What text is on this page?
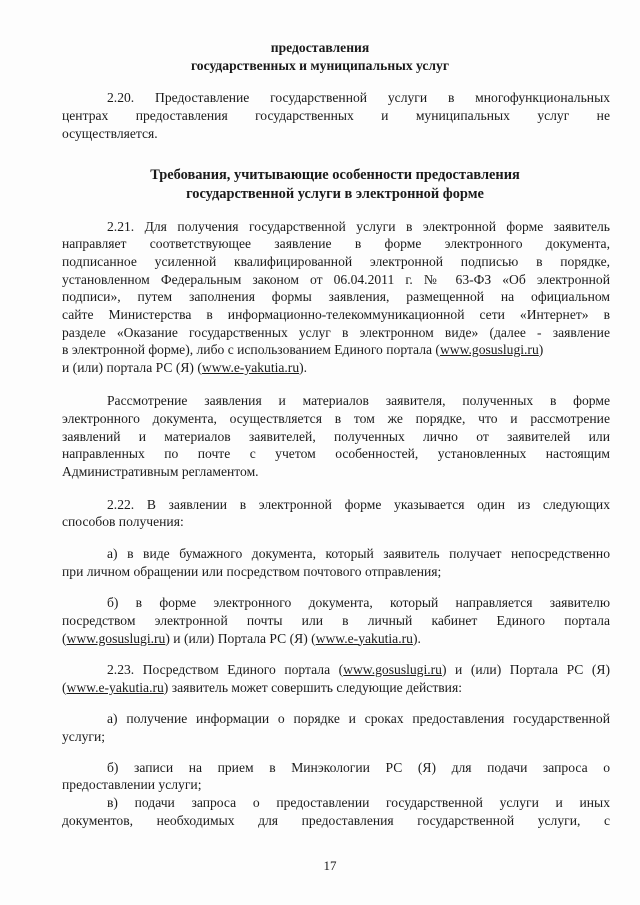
предоставления
государственных и муниципальных услуг
2.20. Предоставление государственной услуги в многофункциональных
центрах предоставления государственных и муниципальных услуг не
осуществляется.
Требования, учитывающие особенности предоставления
государственной услуги в электронной форме
2.21. Для получения государственной услуги в электронной форме заявитель
направляет соответствующее заявление в форме электронного документа,
подписанное усиленной квалифицированной электронной подписью в порядке,
установленном Федеральным законом от 06.04.2011 г. № 63-ФЗ «Об электронной
подписи», путем заполнения формы заявления, размещенной на официальном
сайте Министерства в информационно-телекоммуникационной сети «Интернет» в
разделе «Оказание государственных услуг в электронном виде» (далее - заявление
в электронной форме), либо с использованием Единого портала (www.gosuslugi.ru)
и (или) портала РС (Я) (www.e-yakutia.ru).
Рассмотрение заявления и материалов заявителя, полученных в форме
электронного документа, осуществляется в том же порядке, что и рассмотрение
заявлений и материалов заявителей, полученных лично от заявителей или
направленных по почте с учетом особенностей, установленных настоящим
Административным регламентом.
2.22. В заявлении в электронной форме указывается один из следующих
способов получения:
а) в виде бумажного документа, который заявитель получает непосредственно
при личном обращении или посредством почтового отправления;
б) в форме электронного документа, который направляется заявителю
посредством электронной почты или в личный кабинет Единого портала
(www.gosuslugi.ru) и (или) Портала РС (Я) (www.e-yakutia.ru).
2.23. Посредством Единого портала (www.gosuslugi.ru) и (или) Портала РС (Я)
(www.e-yakutia.ru) заявитель может совершить следующие действия:
а) получение информации о порядке и сроках предоставления государственной
услуги;
б) записи на прием в Минэкологии РС (Я) для подачи запроса о
предоставлении услуги;
в) подачи запроса о предоставлении государственной услуги и иных
документов, необходимых для предоставления государственной услуги, с
17
